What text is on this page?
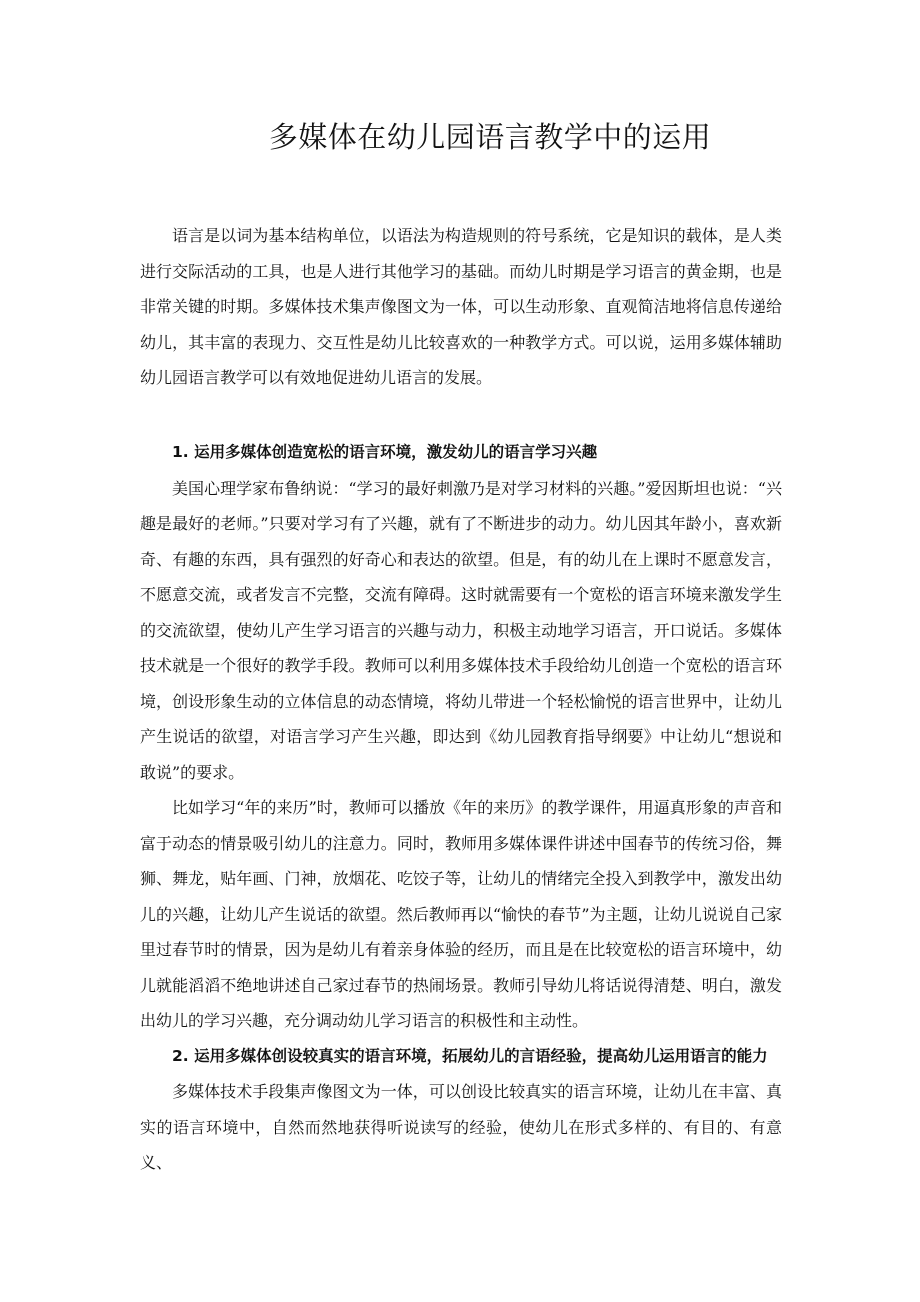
多媒体在幼儿园语言教学中的运用

语言是以词为基本结构单位，以语法为构造规则的符号系统，它是知识的载体，是人类进行交际活动的工具，也是人进行其他学习的基础。而幼儿时期是学习语言的黄金期，也是非常关键的时期。多媒体技术集声像图文为一体，可以生动形象、直观简洁地将信息传递给幼儿，其丰富的表现力、交互性是幼儿比较喜欢的一种教学方式。可以说，运用多媒体辅助幼儿园语言教学可以有效地促进幼儿语言的发展。

1. 运用多媒体创造宽松的语言环境，激发幼儿的语言学习兴趣

美国心理学家布鲁纳说：“学习的最好刺激乃是对学习材料的兴趣。”爱因斯坦也说：“兴趣是最好的老师。”只要对学习有了兴趣，就有了不断进步的动力。幼儿因其年龄小，喜欢新奇、有趣的东西，具有强烈的好奇心和表达的欲望。但是，有的幼儿在上课时不愿意发言，不愿意交流，或者发言不完整，交流有障碍。这时就需要有一个宽松的语言环境来激发学生的交流欲望，使幼儿产生学习语言的兴趣与动力，积极主动地学习语言，开口说话。多媒体技术就是一个很好的教学手段。教师可以利用多媒体技术手段给幼儿创造一个宽松的语言环境，创设形象生动的立体信息的动态情境，将幼儿带进一个轻松愉悦的语言世界中，让幼儿产生说话的欲望，对语言学习产生兴趣，即达到《幼儿园教育指导纲要》中让幼儿“想说和敢说”的要求。

比如学习“年的来历”时，教师可以播放《年的来历》的教学课件，用逼真形象的声音和富于动态的情景吸引幼儿的注意力。同时，教师用多媒体课件讲述中国春节的传统习俗，舞狮、舞龙，贴年画、门神，放烟花、吃饺子等，让幼儿的情绪完全投入到教学中，激发出幼儿的兴趣，让幼儿产生说话的欲望。然后教师再以“愉快的春节”为主题，让幼儿说说自己家里过春节时的情景，因为是幼儿有着亲身体验的经历，而且是在比较宽松的语言环境中，幼儿就能滔滔不绝地讲述自己家过春节的热闹场景。教师引导幼儿将话说得清楚、明白，激发出幼儿的学习兴趣，充分调动幼儿学习语言的积极性和主动性。

2. 运用多媒体创设较真实的语言环境，拓展幼儿的言语经验，提高幼儿运用语言的能力

多媒体技术手段集声像图文为一体，可以创设比较真实的语言环境，让幼儿在丰富、真实的语言环境中，自然而然地获得听说读写的经验，使幼儿在形式多样的、有目的、有意义、
